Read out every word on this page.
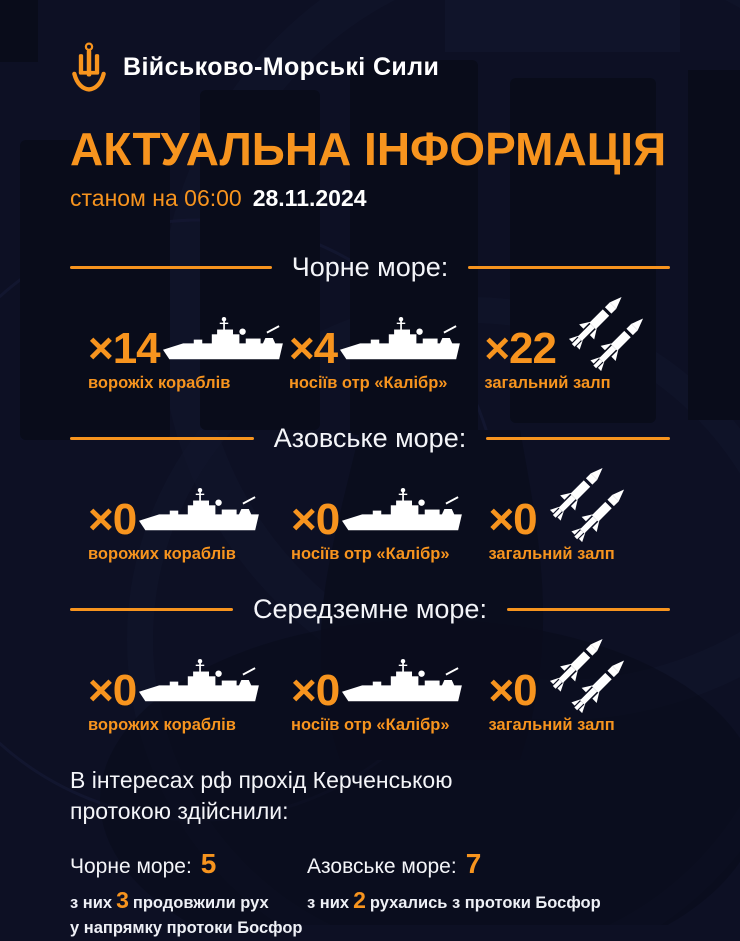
Військово-Морські Сили
АКТУАЛЬНА ІНФОРМАЦІЯ
станом на 06:00 28.11.2024
Чорне море:
×14
ворожіх кораблів
×4
носіїв отр «Калібр»
×22
загальний залп
Азовське море:
×0
ворожих кораблів
×0
носіїв отр «Калібр»
×0
загальний залп
Середземне море:
×0
ворожих кораблів
×0
носіїв отр «Калібр»
×0
загальний залп
В інтересах рф прохід Керченською протокою здійснили:
Чорне море: 5
з них 3 продовжили рух
у напрямку протоки Босфор
Азовське море: 7
з них 2 рухались з протоки Босфор
